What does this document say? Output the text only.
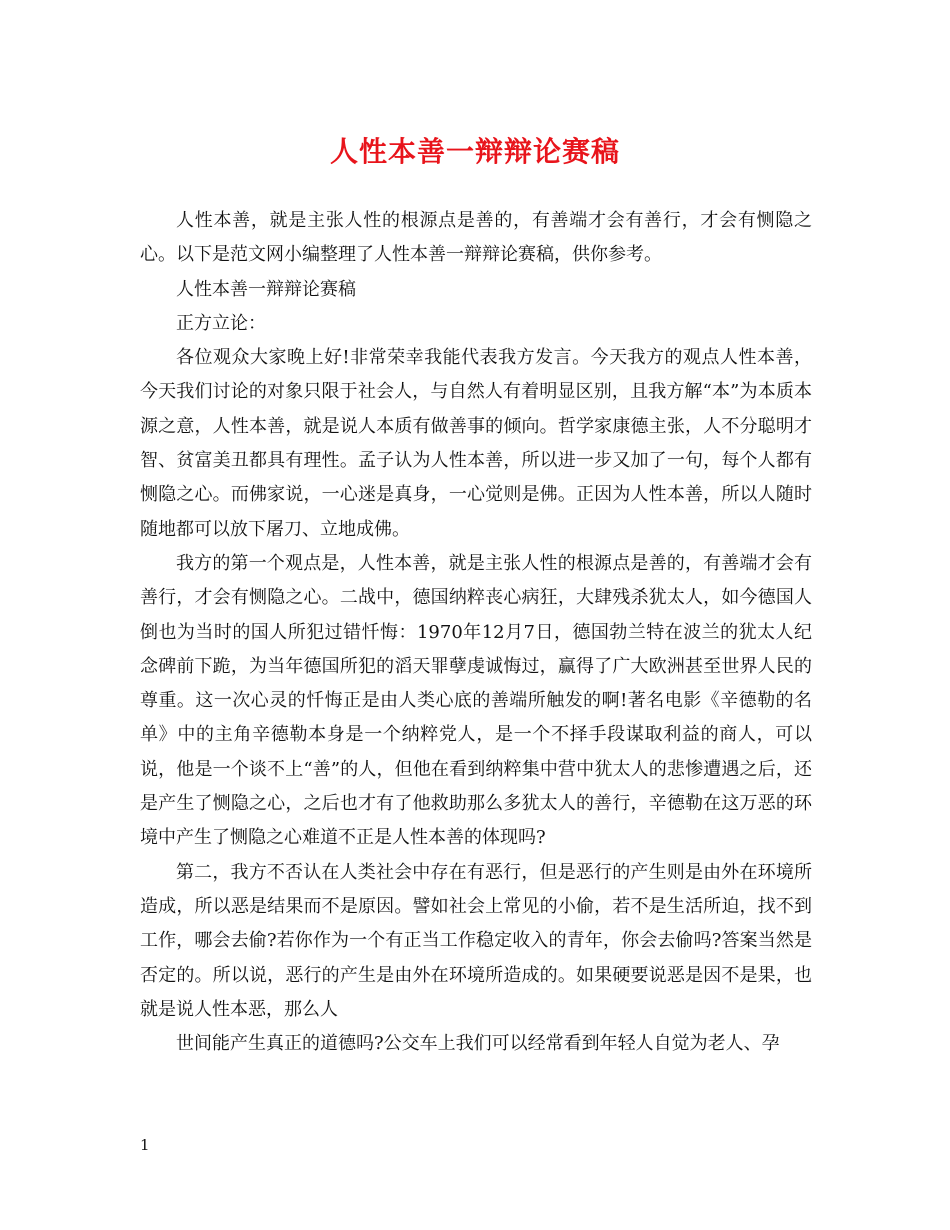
人性本善一辩辩论赛稿

人性本善，就是主张人性的根源点是善的，有善端才会有善行，才会有恻隐之心。以下是范文网小编整理了人性本善一辩辩论赛稿，供你参考。

人性本善一辩辩论赛稿

正方立论：

各位观众大家晚上好!非常荣幸我能代表我方发言。今天我方的观点人性本善，今天我们讨论的对象只限于社会人，与自然人有着明显区别，且我方解“本”为本质本源之意，人性本善，就是说人本质有做善事的倾向。哲学家康德主张，人不分聪明才智、贫富美丑都具有理性。孟子认为人性本善，所以进一步又加了一句，每个人都有恻隐之心。而佛家说，一心迷是真身，一心觉则是佛。正因为人性本善，所以人随时随地都可以放下屠刀、立地成佛。

我方的第一个观点是，人性本善，就是主张人性的根源点是善的，有善端才会有善行，才会有恻隐之心。二战中，德国纳粹丧心病狂，大肆残杀犹太人，如今德国人倒也为当时的国人所犯过错忏悔：1970年12月7日，德国勃兰特在波兰的犹太人纪念碑前下跪，为当年德国所犯的滔天罪孽虔诚悔过，赢得了广大欧洲甚至世界人民的尊重。这一次心灵的忏悔正是由人类心底的善端所触发的啊!著名电影《辛德勒的名单》中的主角辛德勒本身是一个纳粹党人，是一个不择手段谋取利益的商人，可以说，他是一个谈不上“善”的人，但他在看到纳粹集中营中犹太人的悲惨遭遇之后，还是产生了恻隐之心，之后也才有了他救助那么多犹太人的善行，辛德勒在这万恶的环境中产生了恻隐之心难道不正是人性本善的体现吗?

第二，我方不否认在人类社会中存在有恶行，但是恶行的产生则是由外在环境所造成，所以恶是结果而不是原因。譬如社会上常见的小偷，若不是生活所迫，找不到工作，哪会去偷?若你作为一个有正当工作稳定收入的青年，你会去偷吗?答案当然是否定的。所以说，恶行的产生是由外在环境所造成的。如果硬要说恶是因不是果，也就是说人性本恶，那么人

世间能产生真正的道德吗?公交车上我们可以经常看到年轻人自觉为老人、孕

1
